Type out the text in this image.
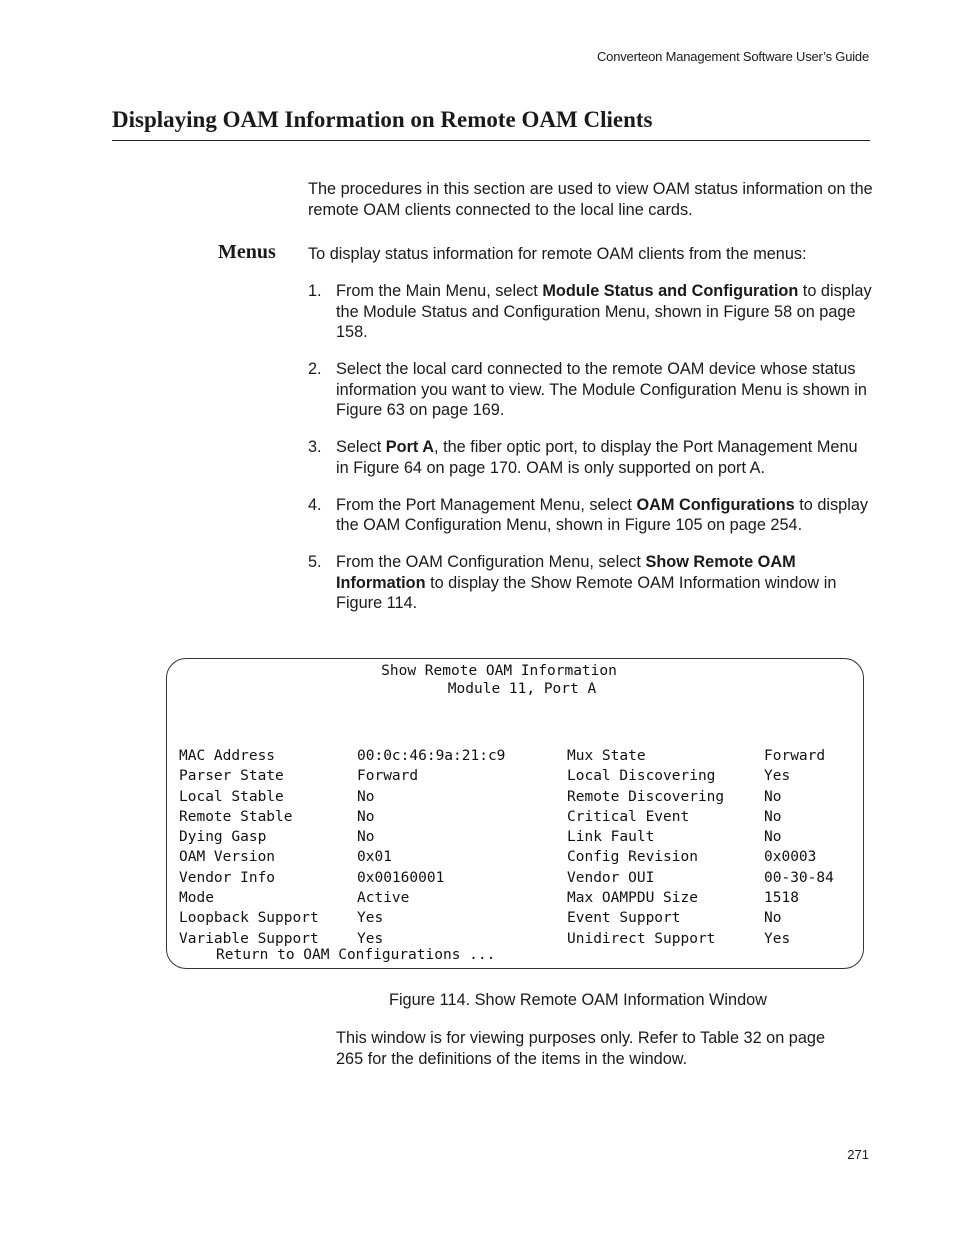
Converteon Management Software User’s Guide
Displaying OAM Information on Remote OAM Clients

The procedures in this section are used to view OAM status information on the remote OAM clients connected to the local line cards.

Menus To display status information for remote OAM clients from the menus:

1. From the Main Menu, select Module Status and Configuration to display the Module Status and Configuration Menu, shown in Figure 58 on page 158.
2. Select the local card connected to the remote OAM device whose status information you want to view. The Module Configuration Menu is shown in Figure 63 on page 169.
3. Select Port A, the fiber optic port, to display the Port Management Menu in Figure 64 on page 170. OAM is only supported on port A.
4. From the Port Management Menu, select OAM Configurations to display the OAM Configuration Menu, shown in Figure 105 on page 254.
5. From the OAM Configuration Menu, select Show Remote OAM Information to display the Show Remote OAM Information window in Figure 114.
Show Remote OAM Information
Module 11, Port A

MAC Address	00:0c:46:9a:21:c9	Mux State	Forward

Parser State	Forward	Local Discovering	Yes

Local Stable	No	Remote Discovering	No

Remote Stable	No	Critical Event	No

Dying Gasp	No	Link Fault	No

OAM Version	0x01	Config Revision	0x0003

Vendor Info	0x00160001	Vendor OUI	00-30-84

Mode	Active	Max OAMPDU Size	1518

Loopback Support	Yes	Event Support	No

Variable Support	Yes	Unidirect Support	Yes

Return to OAM Configurations ...
Figure 114. Show Remote OAM Information Window

This window is for viewing purposes only. Refer to Table 32 on page 265 for the definitions of the items in the window.

271
